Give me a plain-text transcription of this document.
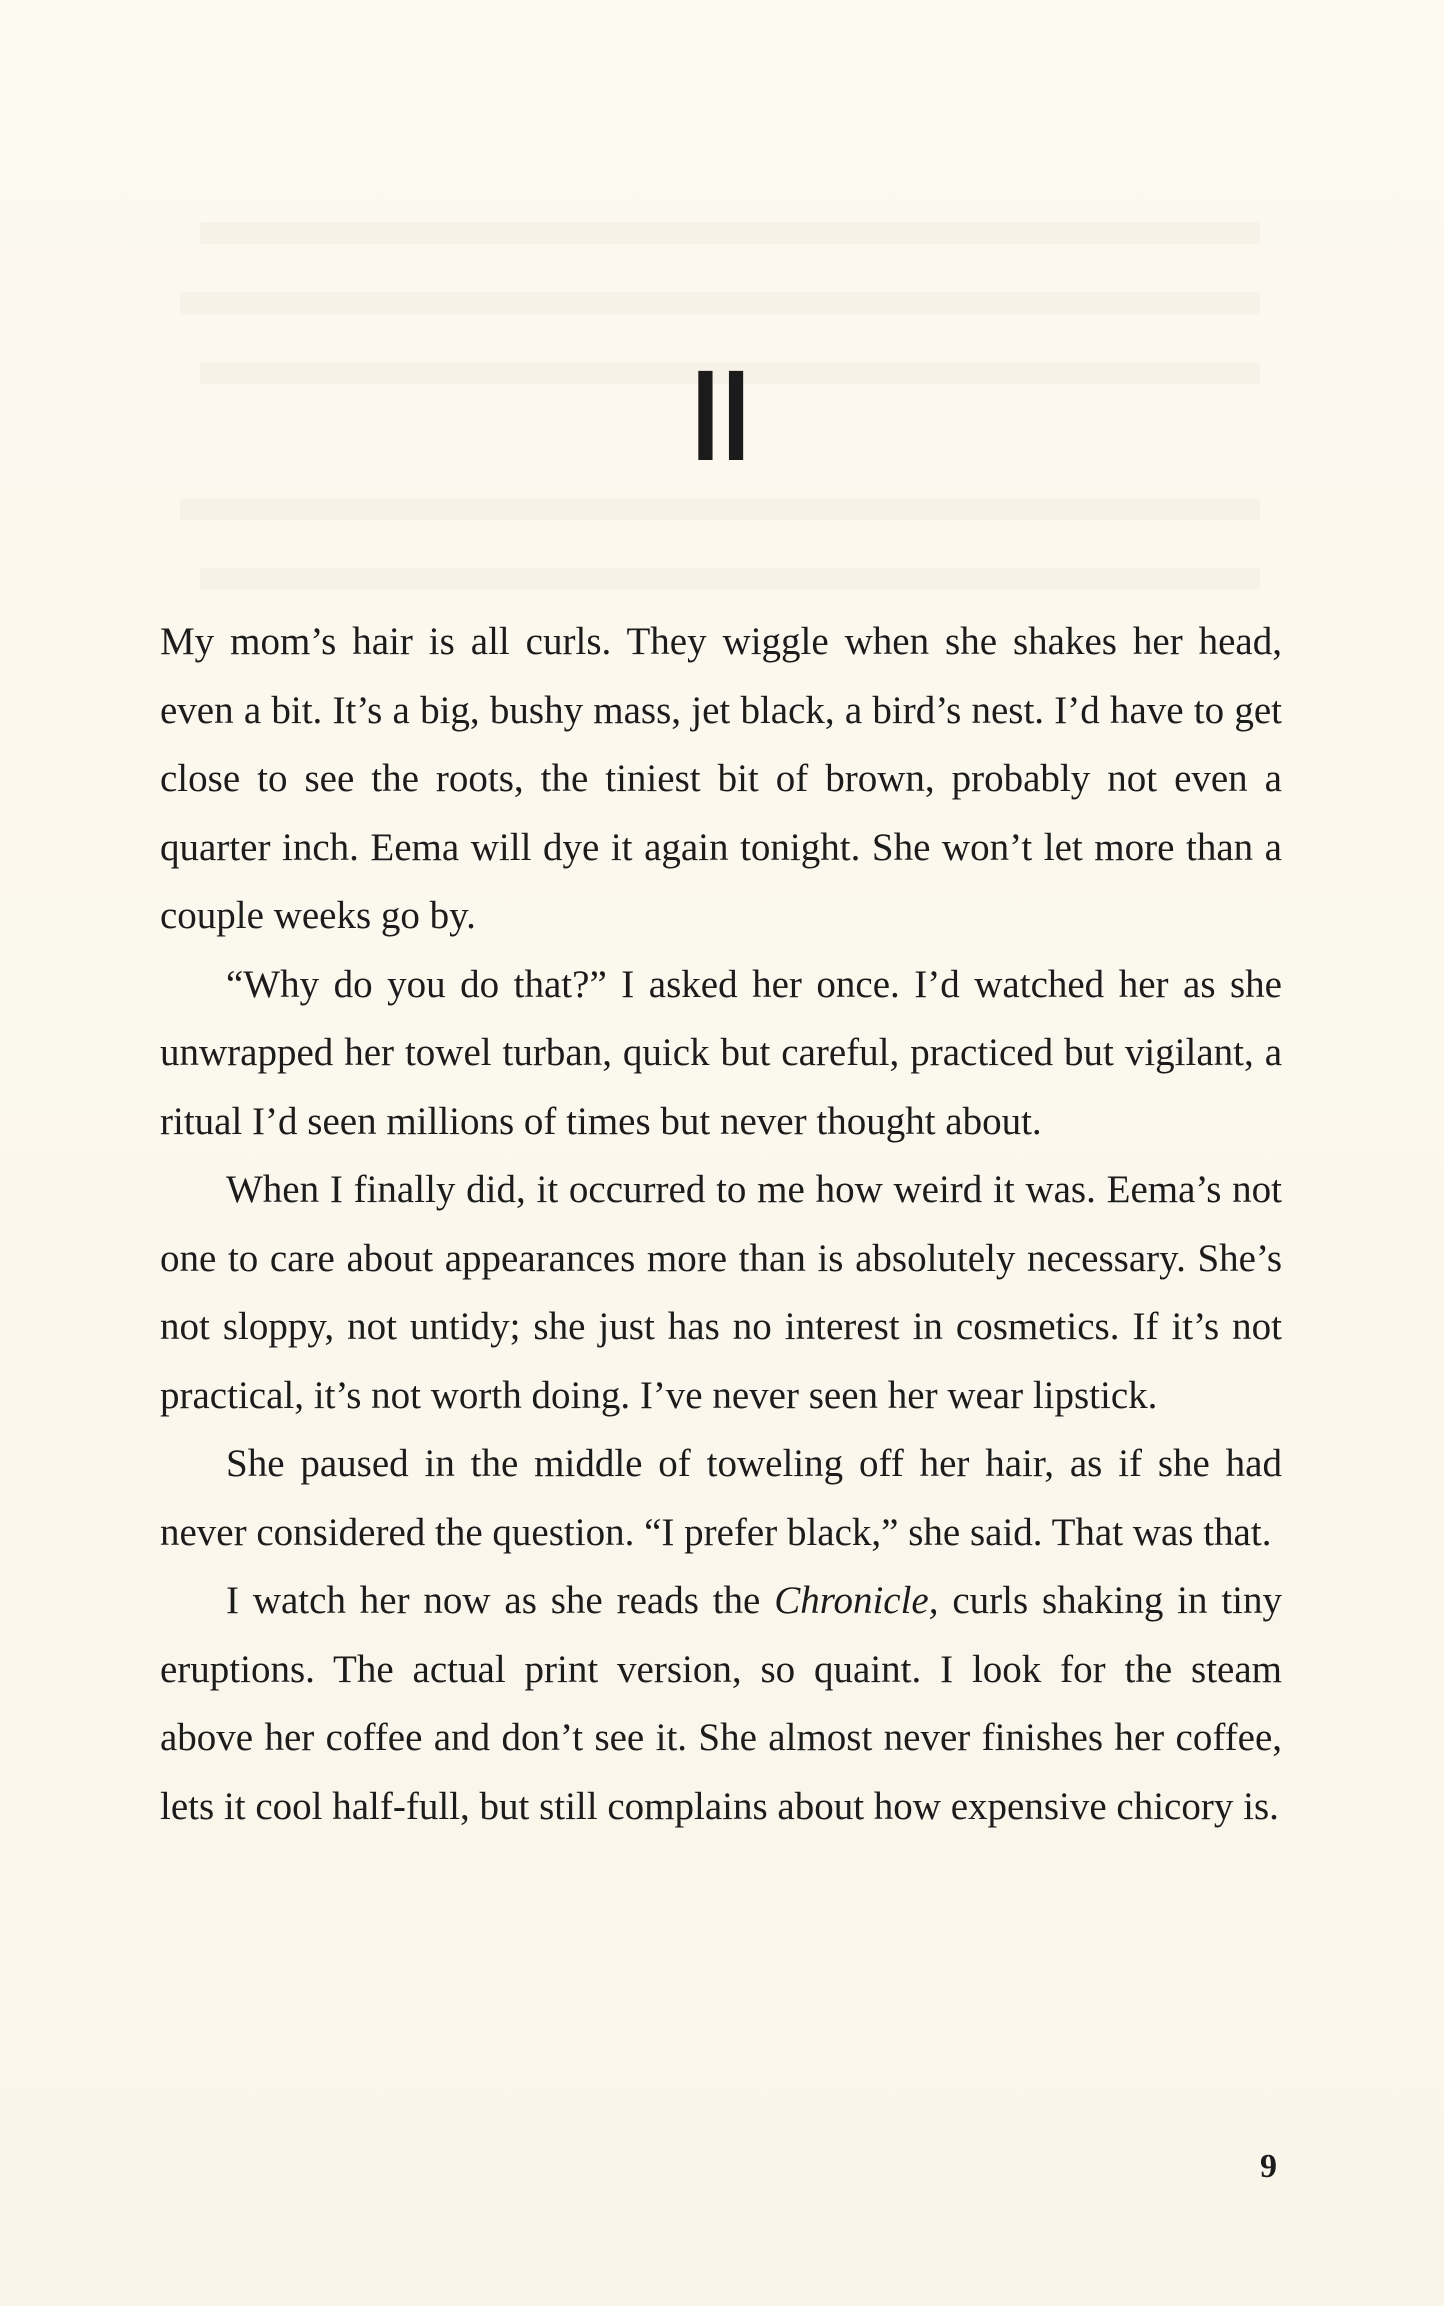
II

My mom’s hair is all curls. They wiggle when she shakes her head, even a bit. It’s a big, bushy mass, jet black, a bird’s nest. I’d have to get close to see the roots, the tiniest bit of brown, probably not even a quarter inch. Eema will dye it again tonight. She won’t let more than a couple weeks go by.

“Why do you do that?” I asked her once. I’d watched her as she unwrapped her towel turban, quick but careful, practiced but vigilant, a ritual I’d seen millions of times but never thought about.

When I finally did, it occurred to me how weird it was. Eema’s not one to care about appearances more than is absolutely necessary. She’s not sloppy, not untidy; she just has no interest in cosmetics. If it’s not practical, it’s not worth doing. I’ve never seen her wear lipstick.

She paused in the middle of toweling off her hair, as if she had never considered the question. “I prefer black,” she said. That was that.

I watch her now as she reads the Chronicle, curls shaking in tiny eruptions. The actual print version, so quaint. I look for the steam above her coffee and don’t see it. She almost never finishes her coffee, lets it cool half-full, but still complains about how expensive chicory is.

9
